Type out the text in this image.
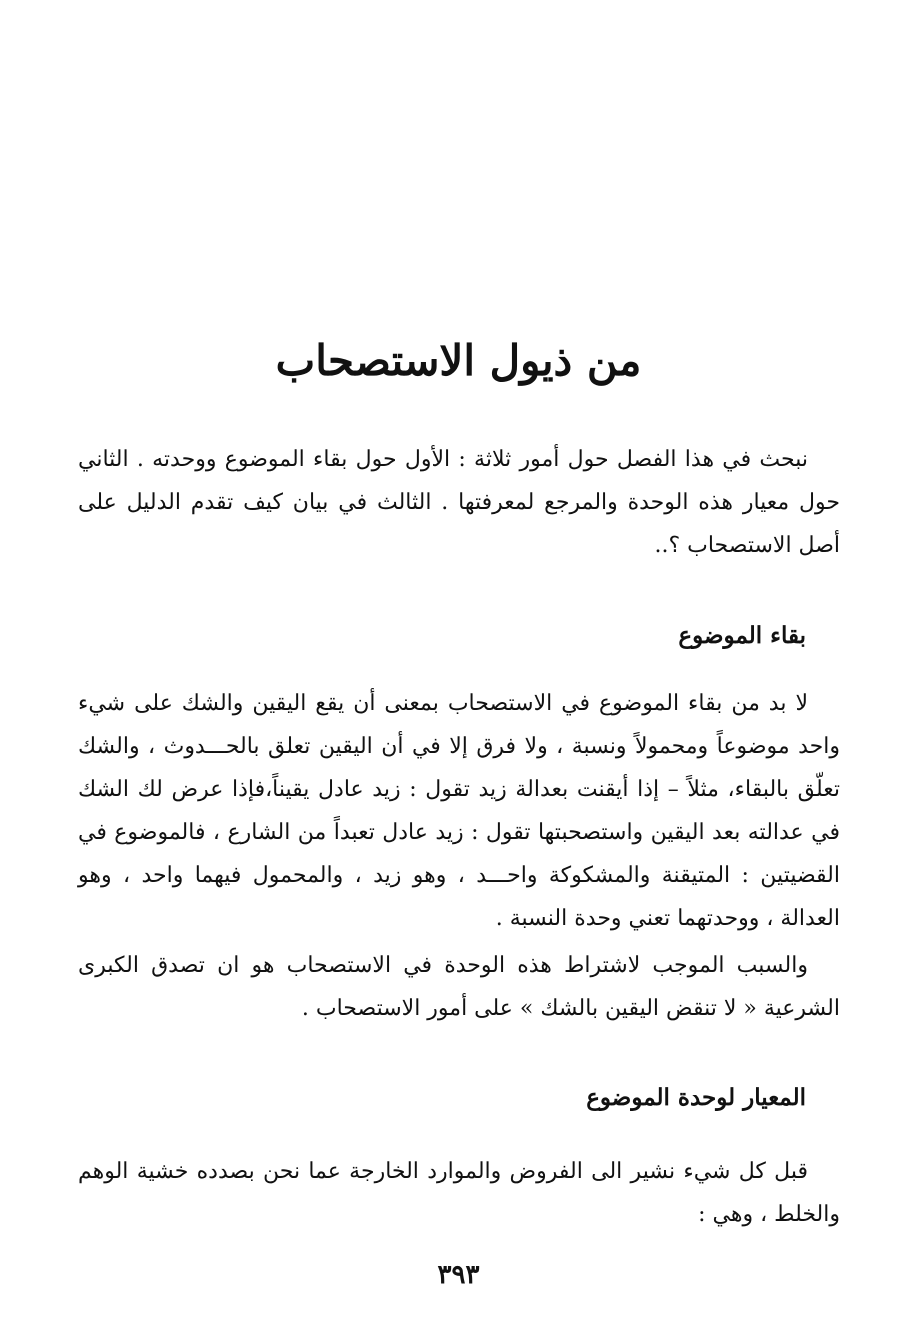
من ذيول الاستصحاب

نبحث في هذا الفصل حول أمور ثلاثة : الأول حول بقاء الموضوع ووحدته . الثاني حول معيار هذه الوحدة والمرجع لمعرفتها . الثالث في بيان كيف تقدم الدليل على أصل الاستصحاب ؟..

بقاء الموضوع

لا بد من بقاء الموضوع في الاستصحاب بمعنى أن يقع اليقين والشك على شيء واحد موضوعاً ومحمولاً ونسبة ، ولا فرق إلا في أن اليقين تعلق بالحـــدوث ، والشك تعلّق بالبقاء، مثلاً – إذا أيقنت بعدالة زيد تقول : زيد عادل يقيناً،فإذا عرض لك الشك في عدالته بعد اليقين واستصحبتها تقول : زيد عادل تعبداً من الشارع ، فالموضوع في القضيتين : المتيقنة والمشكوكة واحـــد ، وهو زيد ، والمحمول فيهما واحد ، وهو العدالة ، ووحدتهما تعني وحدة النسبة .

والسبب الموجب لاشتراط هذه الوحدة في الاستصحاب هو ان تصدق الكبرى الشرعية « لا تنقض اليقين بالشك » على أمور الاستصحاب .

المعيار لوحدة الموضوع

قبل كل شيء نشير الى الفروض والموارد الخارجة عما نحن بصدده خشية الوهم والخلط ، وهي :

٣٩٣
